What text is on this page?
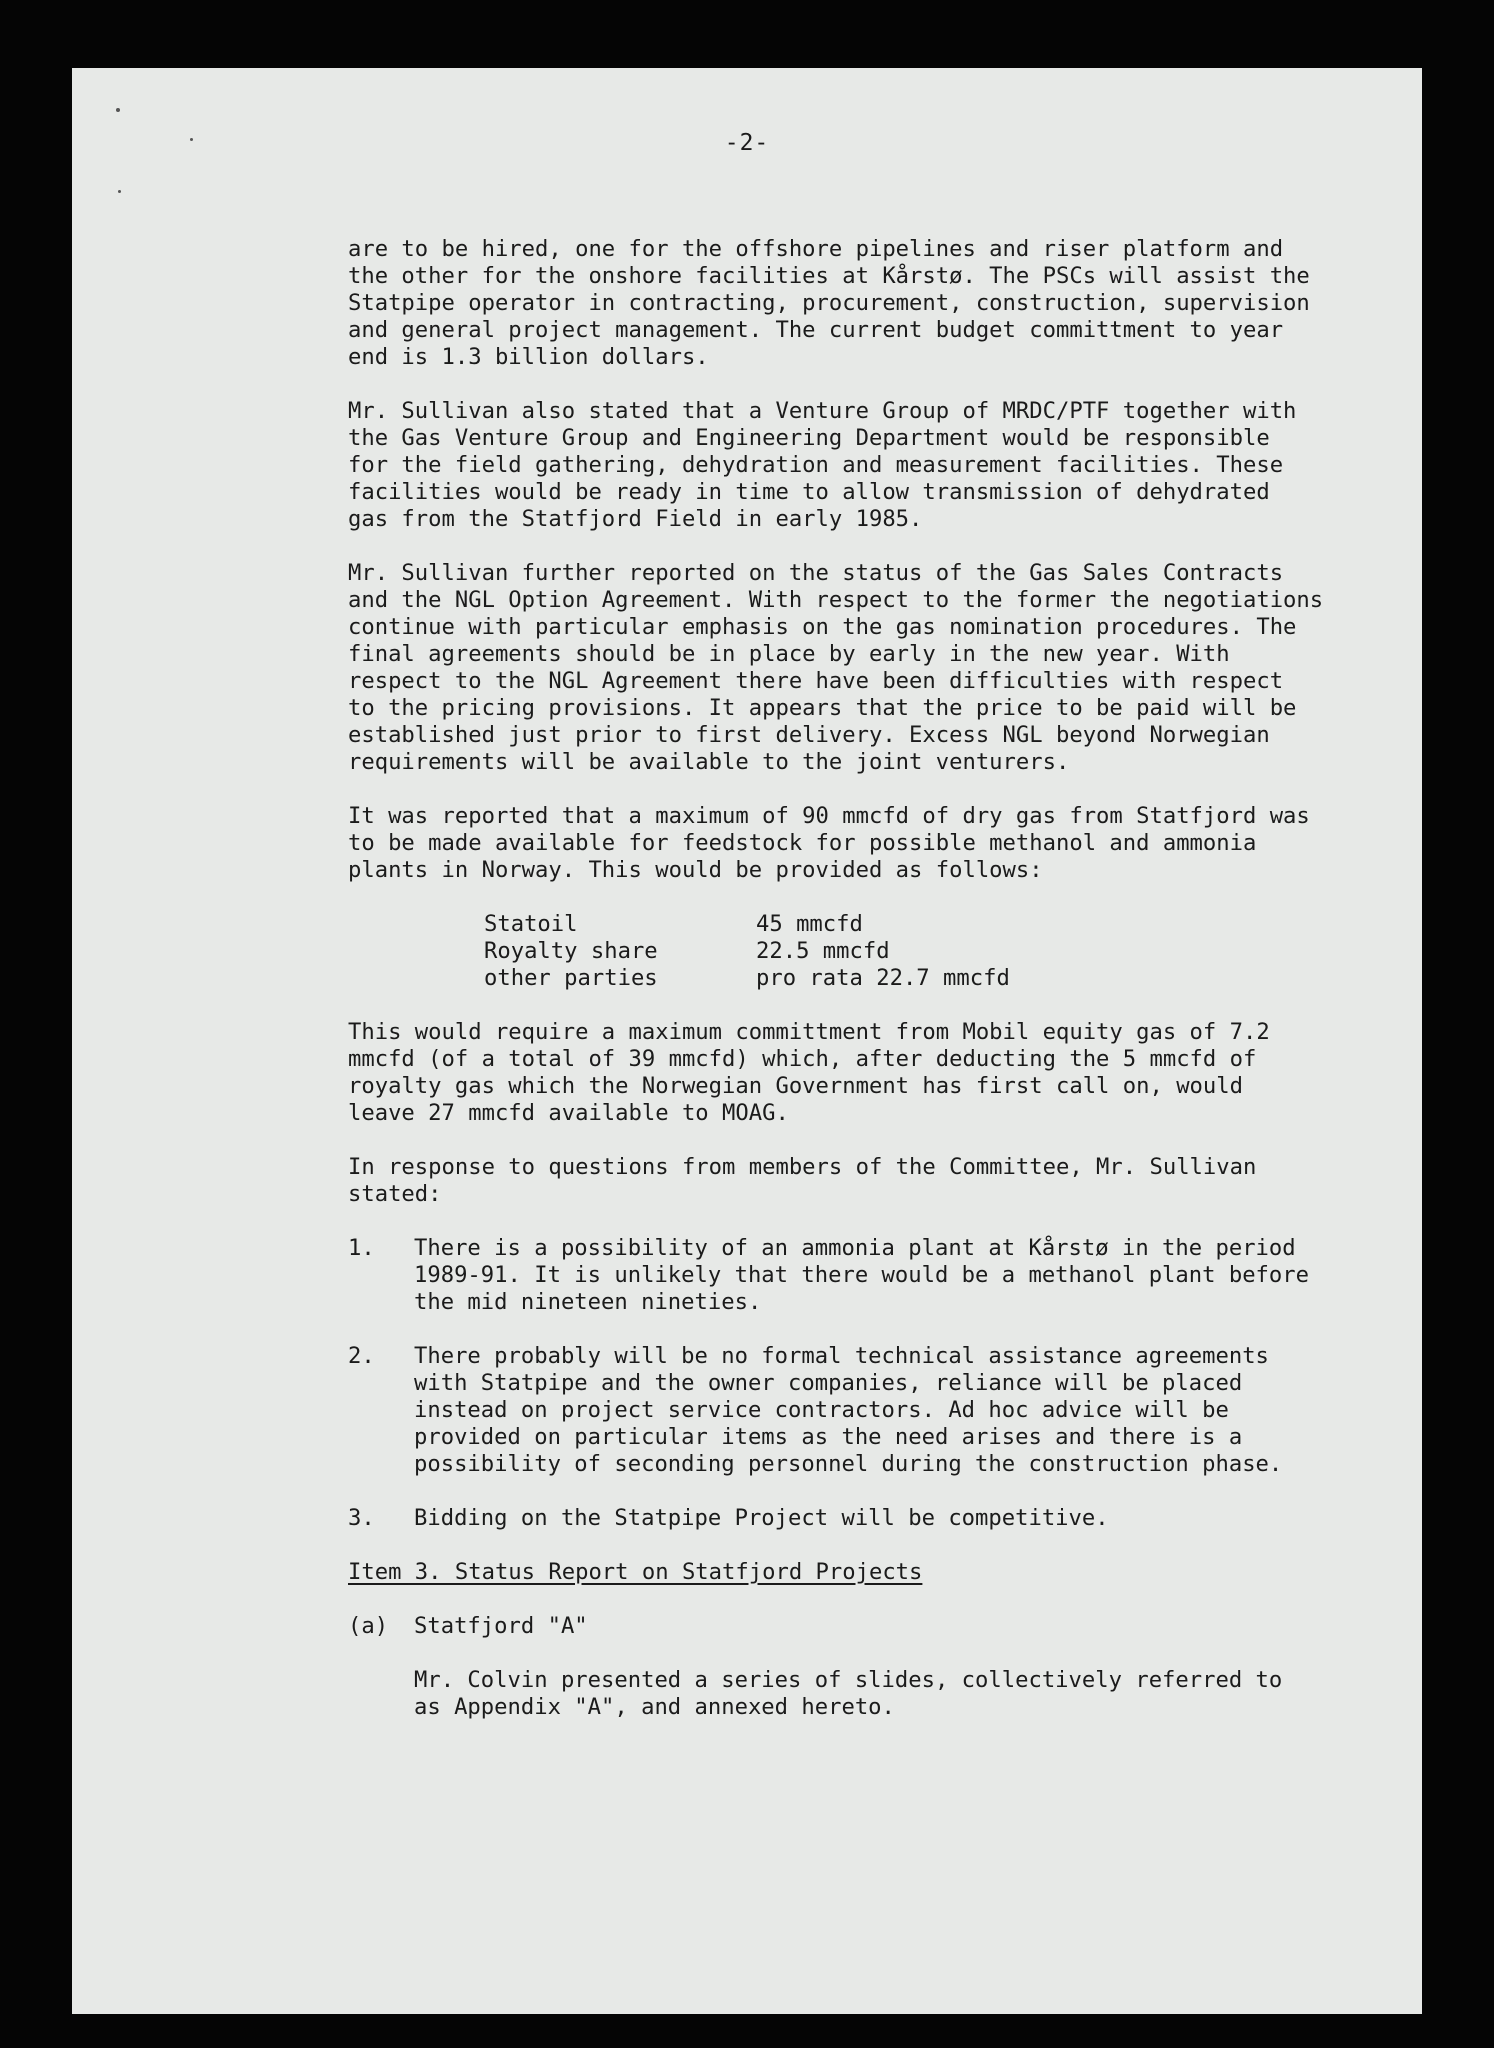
-2-
are to be hired, one for the offshore pipelines and riser platform and
the other for the onshore facilities at Kårstø. The PSCs will assist the
Statpipe operator in contracting, procurement, construction, supervision
and general project management. The current budget committment to year
end is 1.3 billion dollars.
Mr. Sullivan also stated that a Venture Group of MRDC/PTF together with
the Gas Venture Group and Engineering Department would be responsible
for the field gathering, dehydration and measurement facilities. These
facilities would be ready in time to allow transmission of dehydrated
gas from the Statfjord Field in early 1985.
Mr. Sullivan further reported on the status of the Gas Sales Contracts
and the NGL Option Agreement. With respect to the former the negotiations
continue with particular emphasis on the gas nomination procedures. The
final agreements should be in place by early in the new year. With
respect to the NGL Agreement there have been difficulties with respect
to the pricing provisions. It appears that the price to be paid will be
established just prior to first delivery. Excess NGL beyond Norwegian
requirements will be available to the joint venturers.
It was reported that a maximum of 90 mmcfd of dry gas from Statfjord was
to be made available for feedstock for possible methanol and ammonia
plants in Norway. This would be provided as follows:
Statoil	45 mmcfd
Royalty share	22.5 mmcfd
other parties	pro rata 22.7 mmcfd
This would require a maximum committment from Mobil equity gas of 7.2
mmcfd (of a total of 39 mmcfd) which, after deducting the 5 mmcfd of
royalty gas which the Norwegian Government has first call on, would
leave 27 mmcfd available to MOAG.
In response to questions from members of the Committee, Mr. Sullivan
stated:
1.	There is a possibility of an ammonia plant at Kårstø in the period
1989-91. It is unlikely that there would be a methanol plant before
the mid nineteen nineties.
2.	There probably will be no formal technical assistance agreements
with Statpipe and the owner companies, reliance will be placed
instead on project service contractors. Ad hoc advice will be
provided on particular items as the need arises and there is a
possibility of seconding personnel during the construction phase.
3.	Bidding on the Statpipe Project will be competitive.
Item 3. Status Report on Statfjord Projects
(a)	Statfjord "A"
Mr. Colvin presented a series of slides, collectively referred to
as Appendix "A", and annexed hereto.
